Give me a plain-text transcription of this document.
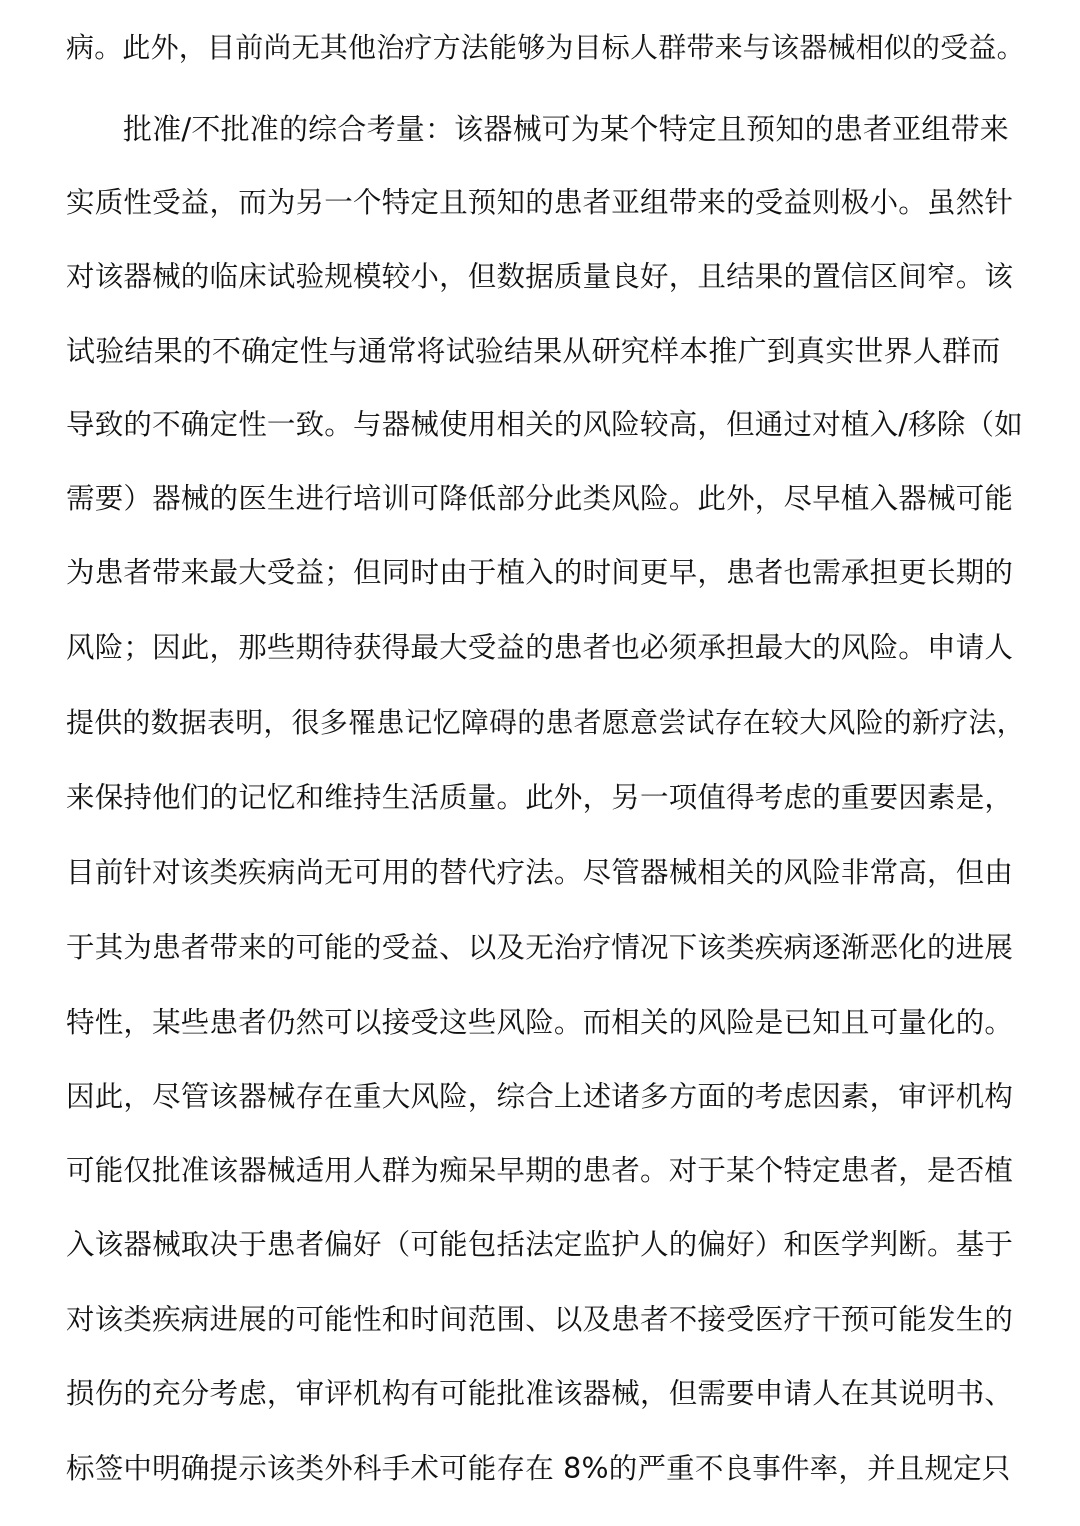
病。此外，目前尚无其他治疗方法能够为目标人群带来与该器械相似的受益。
批准/不批准的综合考量：该器械可为某个特定且预知的患者亚组带来
实质性受益，而为另一个特定且预知的患者亚组带来的受益则极小。虽然针
对该器械的临床试验规模较小，但数据质量良好，且结果的置信区间窄。该
试验结果的不确定性与通常将试验结果从研究样本推广到真实世界人群而
导致的不确定性一致。与器械使用相关的风险较高，但通过对植入/移除（如
需要）器械的医生进行培训可降低部分此类风险。此外，尽早植入器械可能
为患者带来最大受益；但同时由于植入的时间更早，患者也需承担更长期的
风险；因此，那些期待获得最大受益的患者也必须承担最大的风险。申请人
提供的数据表明，很多罹患记忆障碍的患者愿意尝试存在较大风险的新疗法，
来保持他们的记忆和维持生活质量。此外，另一项值得考虑的重要因素是，
目前针对该类疾病尚无可用的替代疗法。尽管器械相关的风险非常高，但由
于其为患者带来的可能的受益、以及无治疗情况下该类疾病逐渐恶化的进展
特性，某些患者仍然可以接受这些风险。而相关的风险是已知且可量化的。
因此，尽管该器械存在重大风险，综合上述诸多方面的考虑因素，审评机构
可能仅批准该器械适用人群为痴呆早期的患者。对于某个特定患者，是否植
入该器械取决于患者偏好（可能包括法定监护人的偏好）和医学判断。基于
对该类疾病进展的可能性和时间范围、以及患者不接受医疗干预可能发生的
损伤的充分考虑，审评机构有可能批准该器械，但需要申请人在其说明书、
标签中明确提示该类外科手术可能存在 8%的严重不良事件率，并且规定只
